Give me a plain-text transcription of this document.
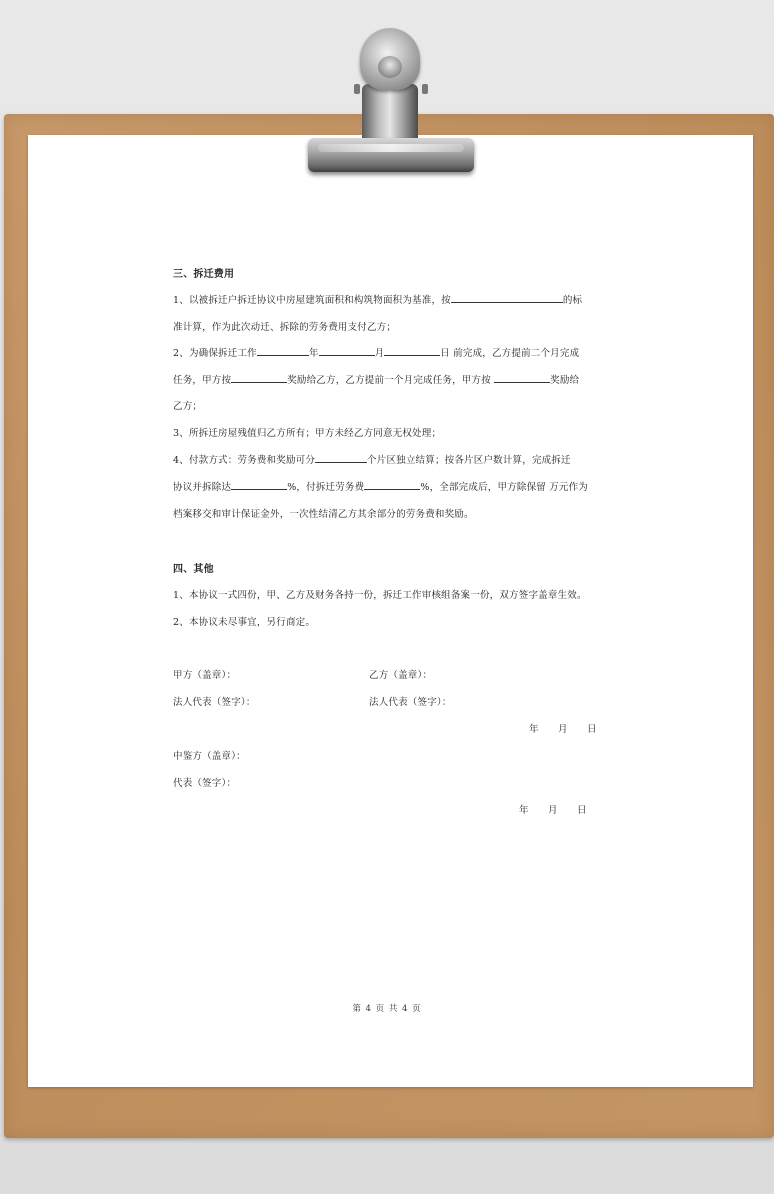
三、拆迁费用
1、以被拆迁户拆迁协议中房屋建筑面积和构筑物面积为基准，按	的标
准计算，作为此次动迁、拆除的劳务费用支付乙方；
2、为确保拆迁工作	年	月	日 前完成，乙方提前二个月完成
任务，甲方按	奖励给乙方，乙方提前一个月完成任务，甲方按	奖励给
乙方；
3、所拆迁房屋残值归乙方所有；甲方未经乙方同意无权处理；
4、付款方式：劳务费和奖励可分	个片区独立结算；按各片区户数计算，完成拆迁
协议并拆除达	%，付拆迁劳务费	%，全部完成后，甲方除保留 万元作为
档案移交和审计保证金外，一次性结清乙方其余部分的劳务费和奖励。
四、其他
1、本协议一式四份，甲、乙方及财务各持一份，拆迁工作审核组备案一份，双方签字盖章生效。
2、本协议未尽事宜，另行商定。
甲方（盖章）：	乙方（盖章）：
法人代表（签字）：	法人代表（签字）：
年      月      日
中鉴方（盖章）：
代表（签字）：
年      月      日
第 4 页 共 4 页
